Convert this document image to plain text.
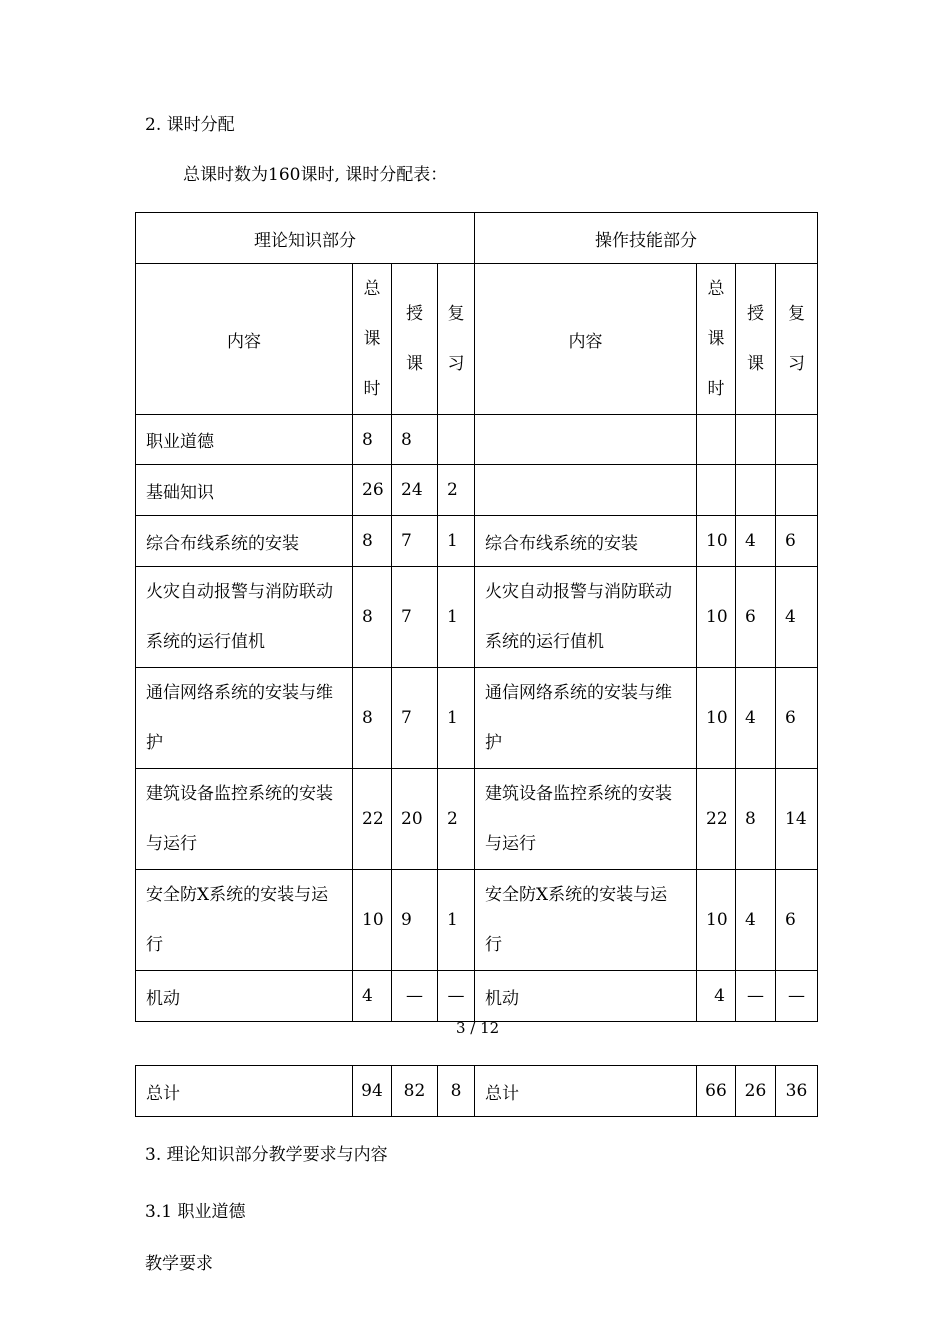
2. 课时分配
总课时数为160课时, 课时分配表：
理论知识部分				操作技能部分			
内容	总
课
时	授
课	复
习	内容	总
课
时	授
课	复
习

职业道德	8	8					
基础知识	26	24	2				
综合布线系统的安装	8	7	1	综合布线系统的安装	10	4	6
火灾自动报警与消防联动系统的运行值机	8	7	1	火灾自动报警与消防联动系统的运行值机	10	6	4
通信网络系统的安装与维护	8	7	1	通信网络系统的安装与维护	10	4	6
建筑设备监控系统的安装与运行	22	20	2	建筑设备监控系统的安装与运行	22	8	14
安全防X系统的安装与运行	10	9	1	安全防X系统的安装与运行	10	4	6
机动	4	—	—	机动	4	—	—
3 / 12
总计	94	82	8	总计	66	26	36
3. 理论知识部分教学要求与内容
3.1 职业道德
教学要求
